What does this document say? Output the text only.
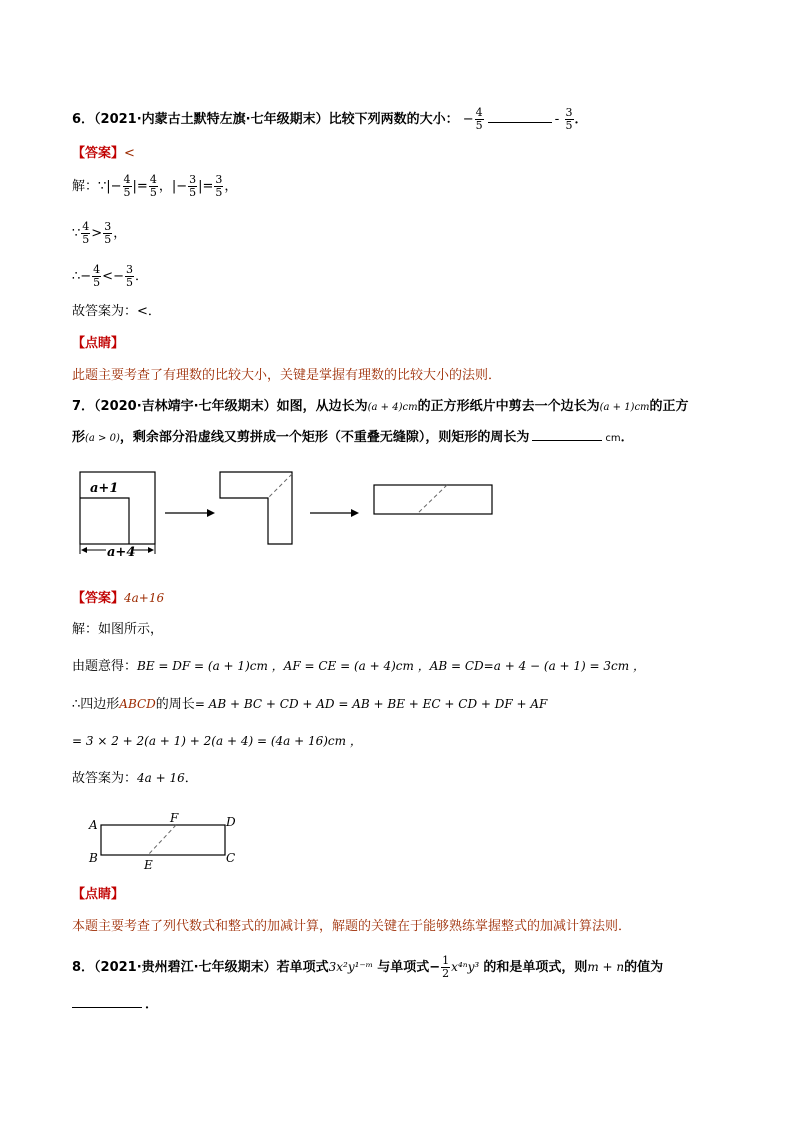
6．（2021·内蒙古土默特左旗·七年级期末）比较下列两数的大小： − $\frac{4}{5}$	- $\frac{3}{5}$ ．
【答案】<
解：∵|− $\frac{4}{5}$ |= $\frac{4}{5}$ ，|− $\frac{3}{5}$ |= $\frac{3}{5}$ ，
∵ $\frac{4}{5} > \frac{3}{5}$ ，
∴− $\frac{4}{5} <- \frac{3}{5}$ ．
故答案为：<．
【点睛】
此题主要考查了有理数的比较大小，关键是掌握有理数的比较大小的法则．
7．（2020·吉林靖宇·七年级期末）如图，从边长为(a + 4)cm的正方形纸片中剪去一个边长为(a + 1)cm的正方
形(a > 0)，剩余部分沿虚线又剪拼成一个矩形（不重叠无缝隙），则矩形的周长为	cm．
a+1
a+4
【答案】4a+16
解：如图所示，
由题意得：BE = DF = (a + 1)cm ，AF = CE = (a + 4)cm ，AB = CD=a + 4 − (a + 1) = 3cm ，
∴四边形ABCD的周长= AB + BC + CD + AD = AB + BE + EC + CD + DF + AF
= 3 × 2 + 2(a + 1) + 2(a + 4) = (4a + 16)cm ，
故答案为：4a + 16．
A
B	C
D
E
F
【点睛】
本题主要考查了列代数式和整式的加减计算，解题的关键在于能够熟练掌握整式的加减计算法则．
8．（2021·贵州碧江·七年级期末）若单项式3x²y¹⁻ᵐ 与单项式− $\frac{1}{2} x^{4n}y^3$ 的和是单项式，则m + n的值为
．
